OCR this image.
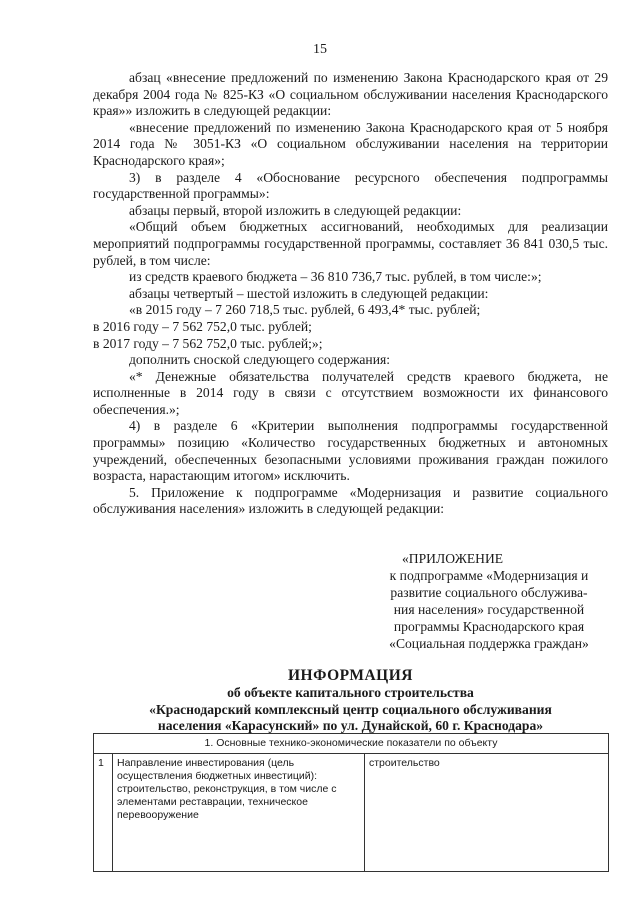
15

абзац «внесение предложений по изменению Закона Краснодарского края от 29 декабря 2004 года № 825-КЗ «О социальном обслуживании населения Краснодарского края»» изложить в следующей редакции:

«внесение предложений по изменению Закона Краснодарского края от 5 ноября 2014 года № 3051-КЗ «О социальном обслуживании населения на территории Краснодарского края»;

3) в разделе 4 «Обоснование ресурсного обеспечения подпрограммы государственной программы»:

абзацы первый, второй изложить в следующей редакции:

«Общий объем бюджетных ассигнований, необходимых для реализации мероприятий подпрограммы государственной программы, составляет 36 841 030,5 тыс. рублей, в том числе:

из средств краевого бюджета – 36 810 736,7 тыс. рублей, в том числе:»;

абзацы четвертый – шестой изложить в следующей редакции:

«в 2015 году – 7 260 718,5 тыс. рублей, 6 493,4* тыс. рублей;

в 2016 году – 7 562 752,0 тыс. рублей;

в 2017 году – 7 562 752,0 тыс. рублей;»;

дополнить сноской следующего содержания:

«* Денежные обязательства получателей средств краевого бюджета, не исполненные в 2014 году в связи с отсутствием возможности их финансового обеспечения.»;

4) в разделе 6 «Критерии выполнения подпрограммы государственной программы» позицию «Количество государственных бюджетных и автономных учреждений, обеспеченных безопасными условиями проживания граждан пожилого возраста, нарастающим итогом» исключить.

5. Приложение к подпрограмме «Модернизация и развитие социального обслуживания населения» изложить в следующей редакции:

«ПРИЛОЖЕНИЕ
к подпрограмме «Модернизация и
развитие социального обслужива-
ния населения» государственной
программы Краснодарского края
«Социальная поддержка граждан»
ИНФОРМАЦИЯ
об объекте капитального строительства
«Краснодарский комплексный центр социального обслуживания
населения «Карасунский» по ул. Дунайской, 60 г. Краснодара»
1. Основные технико-экономические показатели по объекту
1	Направление инвестирования (цель осуществления бюджетных инвестиций): строительство, реконструкция, в том числе с элементами реставрации, техническое перевооружение	строительство
